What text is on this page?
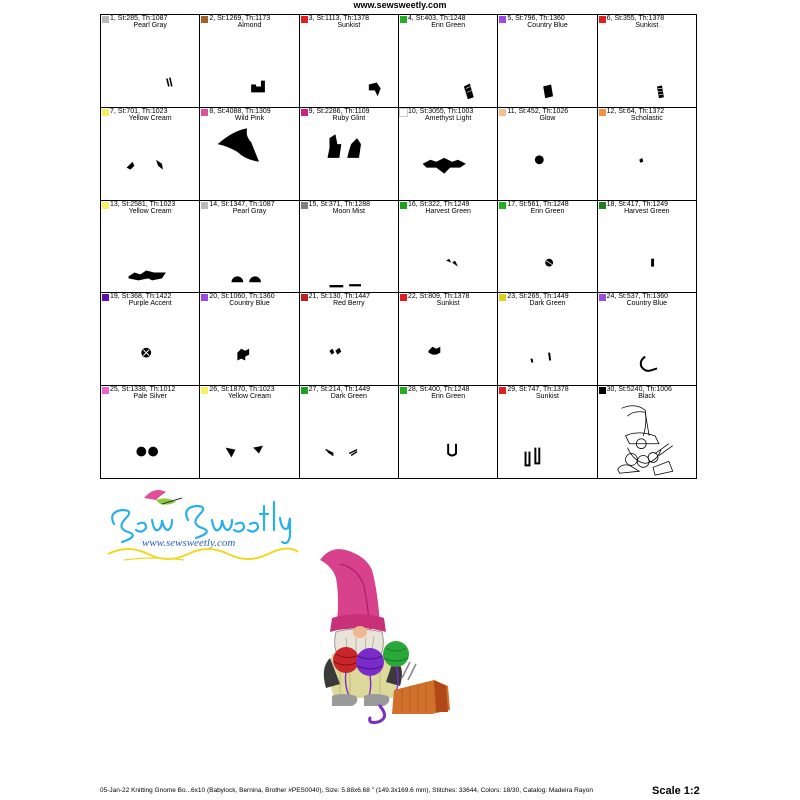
www.sewsweetly.com
1, St:285, Th:1087
Pearl Gray
2, St:1269, Th:1173
Almond
3, St:1113, Th:1378
Sunkist
4, St:403, Th:1248
Erin Green
5, St:796, Th:1360
Country Blue
6, St:355, Th:1378
Sunkist
7, St:701, Th:1023
Yellow Cream
8, St:4088, Th:1309
Wild Pink
9, St:2286, Th:1109
Ruby Glint
10, St:3055, Th:1003
Amethyst Light
11, St:452, Th:1026
Glow
12, St:64, Th:1372
Scholastic
13, St:2581, Th:1023
Yellow Cream
14, St:1347, Th:1087
Pearl Gray
15, St:371, Th:1288
Moon Mist
16, St:322, Th:1249
Harvest Green
17, St:561, Th:1248
Erin Green
18, St:417, Th:1249
Harvest Green
19, St:368, Th:1422
Purple Accent
20, St:1060, Th:1360
Country Blue
21, St:130, Th:1447
Red Berry
22, St:809, Th:1378
Sunkist
23, St:265, Th:1449
Dark Green
24, St:537, Th:1360
Country Blue
25, St:1338, Th:1012
Pale Silver
26, St:1870, Th:1023
Yellow Cream
27, St:214, Th:1449
Dark Green
28, St:400, Th:1248
Erin Green
29, St:747, Th:1378
Sunkist
30, St:5240, Th:1006
Black
www.sewsweetly.com
05-Jan-22 Knitting Gnome Bo...6x10 (Babylock, Bernina, Brother #PES0040), Size: 5.88x6.68 " (149.3x169.6 mm), Stitches: 33644, Colors: 18/30, Catalog: Madeira Rayon	Scale 1:2
